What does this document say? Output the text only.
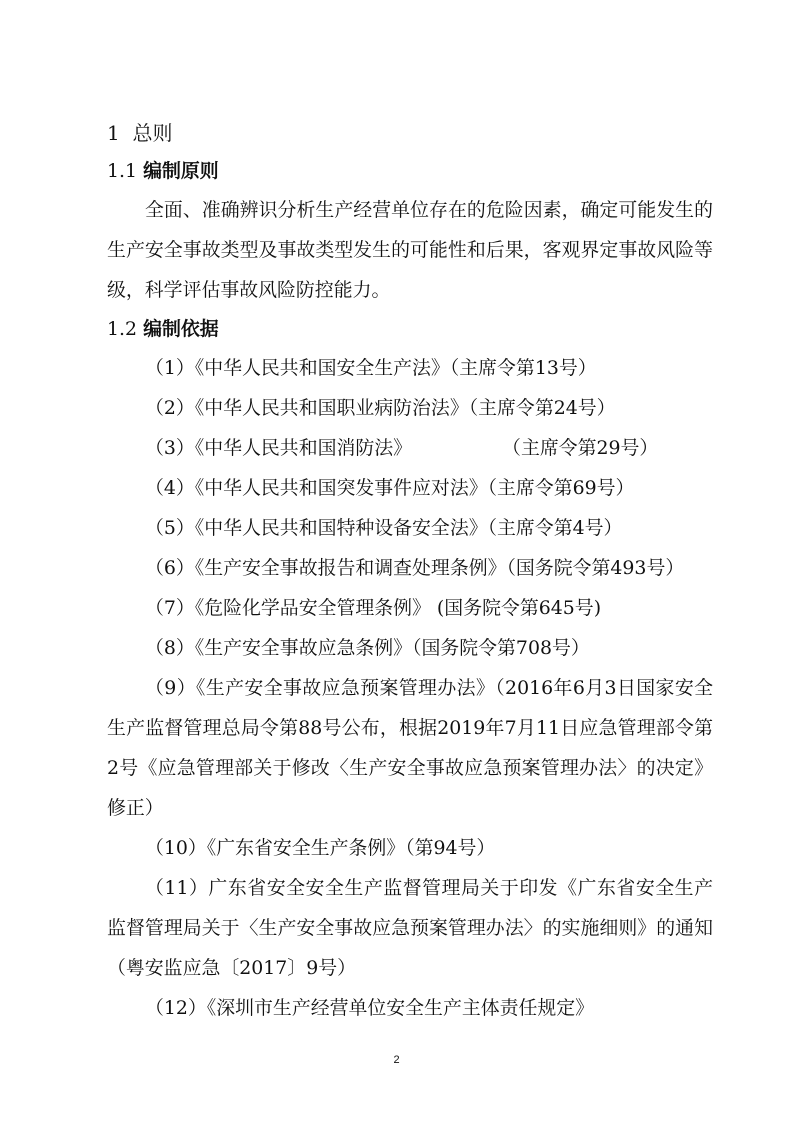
1 总则
1.1 编制原则

全面、准确辨识分析生产经营单位存在的危险因素，确定可能发生的生产安全事故类型及事故类型发生的可能性和后果，客观界定事故风险等级，科学评估事故风险防控能力。

1.2 编制依据

（1）《中华人民共和国安全生产法》（主席令第13号）

（2）《中华人民共和国职业病防治法》（主席令第24号）

（3）《中华人民共和国消防法》	（主席令第29号）

（4）《中华人民共和国突发事件应对法》（主席令第69号）

（5）《中华人民共和国特种设备安全法》（主席令第4号）

（6）《生产安全事故报告和调查处理条例》（国务院令第493号）

（7）《危险化学品安全管理条例》 (国务院令第645号)

（8）《生产安全事故应急条例》（国务院令第708号）

（9）《生产安全事故应急预案管理办法》（2016年6月3日国家安全生产监督管理总局令第88号公布，根据2019年7月11日应急管理部令第2号《应急管理部关于修改〈生产安全事故应急预案管理办法〉的决定》修正）

（10）《广东省安全生产条例》（第94号）

（11）广东省安全安全生产监督管理局关于印发《广东省安全生产监督管理局关于〈生产安全事故应急预案管理办法〉的实施细则》的通知（粤安监应急〔2017〕9号）

（12）《深圳市生产经营单位安全生产主体责任规定》

2
